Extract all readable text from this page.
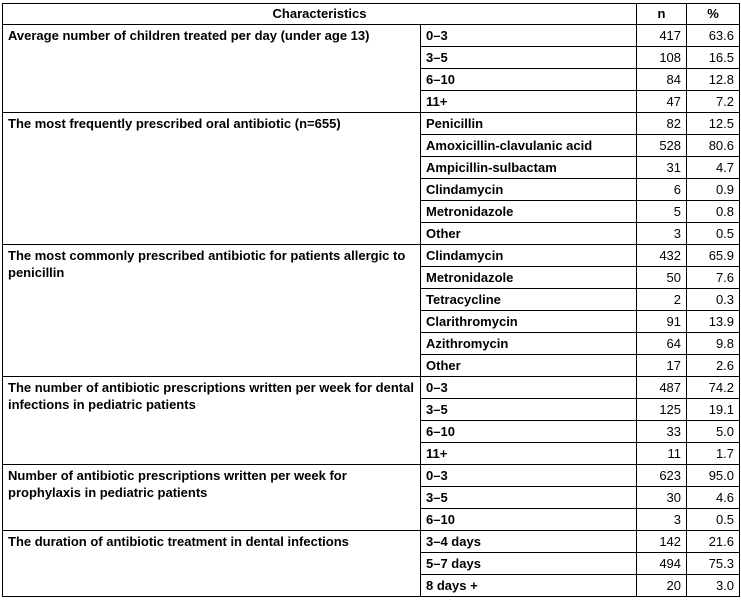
Characteristics		n	%
Average number of children treated per day (under age 13)	0–3	417	63.6
	3–5	108	16.5
	6–10	84	12.8
	11+	47	7.2
The most frequently prescribed oral antibiotic (n=655)	Penicillin	82	12.5
	Amoxicillin-clavulanic acid	528	80.6
	Ampicillin-sulbactam	31	4.7
	Clindamycin	6	0.9
	Metronidazole	5	0.8
	Other	3	0.5
The most commonly prescribed antibiotic for patients allergic to penicillin	Clindamycin	432	65.9
	Metronidazole	50	7.6
	Tetracycline	2	0.3
	Clarithromycin	91	13.9
	Azithromycin	64	9.8
	Other	17	2.6
The number of antibiotic prescriptions written per week for dental infections in pediatric patients	0–3	487	74.2
	3–5	125	19.1
	6–10	33	5.0
	11+	11	1.7
Number of antibiotic prescriptions written per week for prophylaxis in pediatric patients	0–3	623	95.0
	3–5	30	4.6
	6–10	3	0.5
The duration of antibiotic treatment in dental infections	3–4 days	142	21.6
	5–7 days	494	75.3
	8 days +	20	3.0
